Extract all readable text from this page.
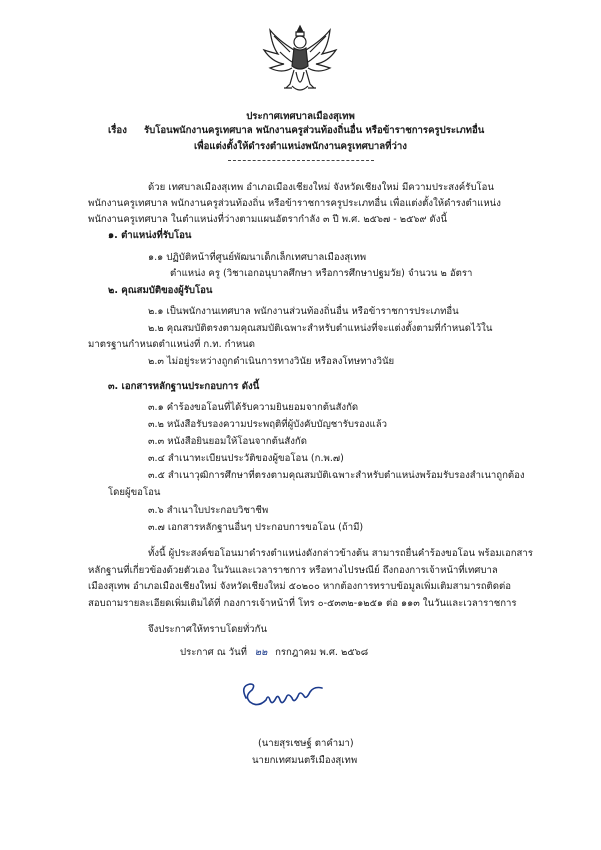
ประกาศเทศบาลเมืองสุเทพ
เรื่อง รับโอนพนักงานครูเทศบาล พนักงานครูส่วนท้องถิ่นอื่น หรือข้าราชการครูประเภทอื่น
เพื่อแต่งตั้งให้ดำรงตำแหน่งพนักงานครูเทศบาลที่ว่าง
ด้วย เทศบาลเมืองสุเทพ อำเภอเมืองเชียงใหม่ จังหวัดเชียงใหม่ มีความประสงค์รับโอน
พนักงานครูเทศบาล พนักงานครูส่วนท้องถิ่น หรือข้าราชการครูประเภทอื่น เพื่อแต่งตั้งให้ดำรงตำแหน่ง
พนักงานครูเทศบาล ในตำแหน่งที่ว่างตามแผนอัตรากำลัง ๓ ปี พ.ศ. ๒๕๖๗ - ๒๕๖๙ ดังนี้
๑. ตำแหน่งที่รับโอน
๑.๑ ปฏิบัติหน้าที่ศูนย์พัฒนาเด็กเล็กเทศบาลเมืองสุเทพ
ตำแหน่ง ครู (วิชาเอกอนุบาลศึกษา หรือการศึกษาปฐมวัย) จำนวน ๒ อัตรา
๒. คุณสมบัติของผู้รับโอน
๒.๑ เป็นพนักงานเทศบาล พนักงานส่วนท้องถิ่นอื่น หรือข้าราชการประเภทอื่น
๒.๒ คุณสมบัติตรงตามคุณสมบัติเฉพาะสำหรับตำแหน่งที่จะแต่งตั้งตามที่กำหนดไว้ใน
มาตรฐานกำหนดตำแหน่งที่ ก.ท. กำหนด
๒.๓ ไม่อยู่ระหว่างถูกดำเนินการทางวินัย หรือลงโทษทางวินัย
๓. เอกสารหลักฐานประกอบการ ดังนี้
๓.๑ คำร้องขอโอนที่ได้รับความยินยอมจากต้นสังกัด
๓.๒ หนังสือรับรองความประพฤติที่ผู้บังคับบัญชารับรองแล้ว
๓.๓ หนังสือยินยอมให้โอนจากต้นสังกัด
๓.๔ สำเนาทะเบียนประวัติของผู้ขอโอน (ก.พ.๗)
๓.๕ สำเนาวุฒิการศึกษาที่ตรงตามคุณสมบัติเฉพาะสำหรับตำแหน่งพร้อมรับรองสำเนาถูกต้อง
โดยผู้ขอโอน
๓.๖ สำเนาใบประกอบวิชาชีพ
๓.๗ เอกสารหลักฐานอื่นๆ ประกอบการขอโอน (ถ้ามี)
ทั้งนี้ ผู้ประสงค์ขอโอนมาดำรงตำแหน่งดังกล่าวข้างต้น สามารถยื่นคำร้องขอโอน พร้อมเอกสาร
หลักฐานที่เกี่ยวข้องด้วยตัวเอง ในวันและเวลาราชการ หรือทางไปรษณีย์ ถึงกองการเจ้าหน้าที่เทศบาล
เมืองสุเทพ อำเภอเมืองเชียงใหม่ จังหวัดเชียงใหม่ ๕๐๒๐๐ หากต้องการทราบข้อมูลเพิ่มเติมสามารถติดต่อ
สอบถามรายละเอียดเพิ่มเติมได้ที่ กองการเจ้าหน้าที่ โทร ๐-๕๓๓๒-๑๒๕๑ ต่อ ๑๑๓ ในวันและเวลาราชการ
จึงประกาศให้ทราบโดยทั่วกัน
ประกาศ ณ วันที่ ๒๒ กรกฎาคม พ.ศ. ๒๕๖๘
(นายสุรเชษฐ์ ตาคำมา)
นายกเทศมนตรีเมืองสุเทพ
